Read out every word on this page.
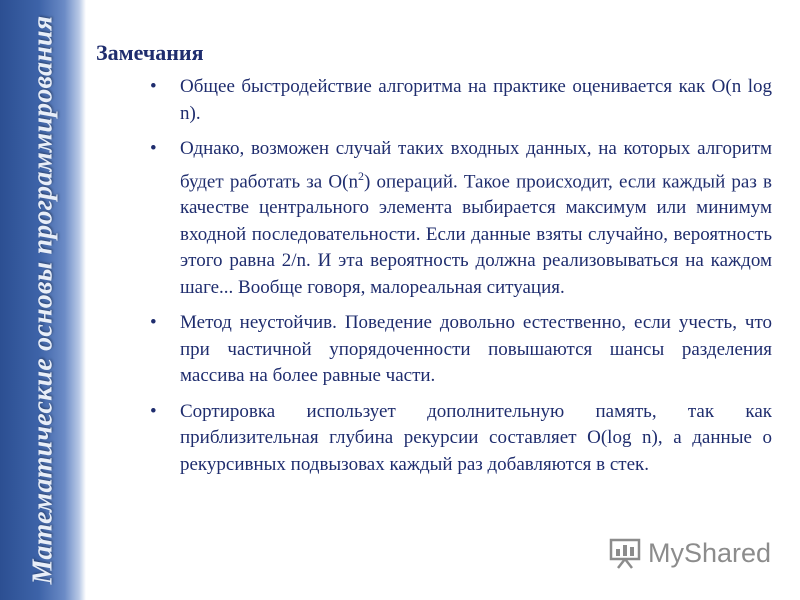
Математические основы программирования Замечания
• Общее быстродействие алгоритма на практике оценивается как O(n log n).
• Однако, возможен случай таких входных данных, на которых алгоритм будет работать за $O(n^2)$ операций. Такое происходит, если каждый раз в качестве центрального элемента выбирается максимум или минимум входной последовательности. Если данные взяты случайно, вероятность этого равна 2/n. И эта вероятность должна реализовываться на каждом шаге... Вообще говоря, малореальная ситуация.
• Метод неустойчив. Поведение довольно естественно, если учесть, что при частичной упорядоченности повышаются шансы разделения массива на более равные части.
• Сортировка использует дополнительную память, так как приблизительная глубина рекурсии составляет O(log n), а данные о рекурсивных подвызовах каждый раз добавляются в стек.
MyShared
